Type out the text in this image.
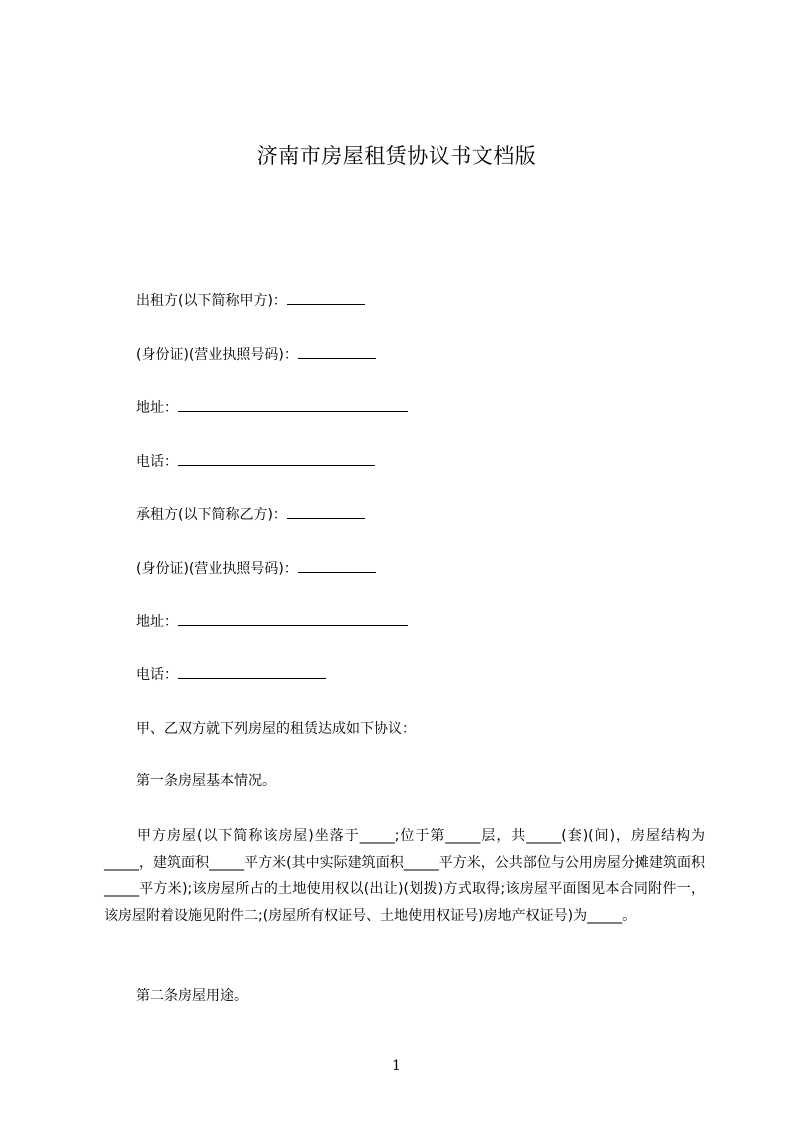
济南市房屋租赁协议书文档版
出租方(以下简称甲方)：
(身份证)(营业执照号码)：
地址：
电话：
承租方(以下简称乙方)：
(身份证)(营业执照号码)：
地址：
电话：
甲、乙双方就下列房屋的租赁达成如下协议：
第一条房屋基本情况。
甲方房屋(以下简称该房屋)坐落于_____;位于第_____层，共_____(套)(间)，房屋结构为_____，建筑面积_____平方米(其中实际建筑面积_____平方米，公共部位与公用房屋分摊建筑面积_____平方米);该房屋所占的土地使用权以(出让)(划拨)方式取得;该房屋平面图见本合同附件一，该房屋附着设施见附件二;(房屋所有权证号、土地使用权证号)房地产权证号)为_____。
第二条房屋用途。
1
